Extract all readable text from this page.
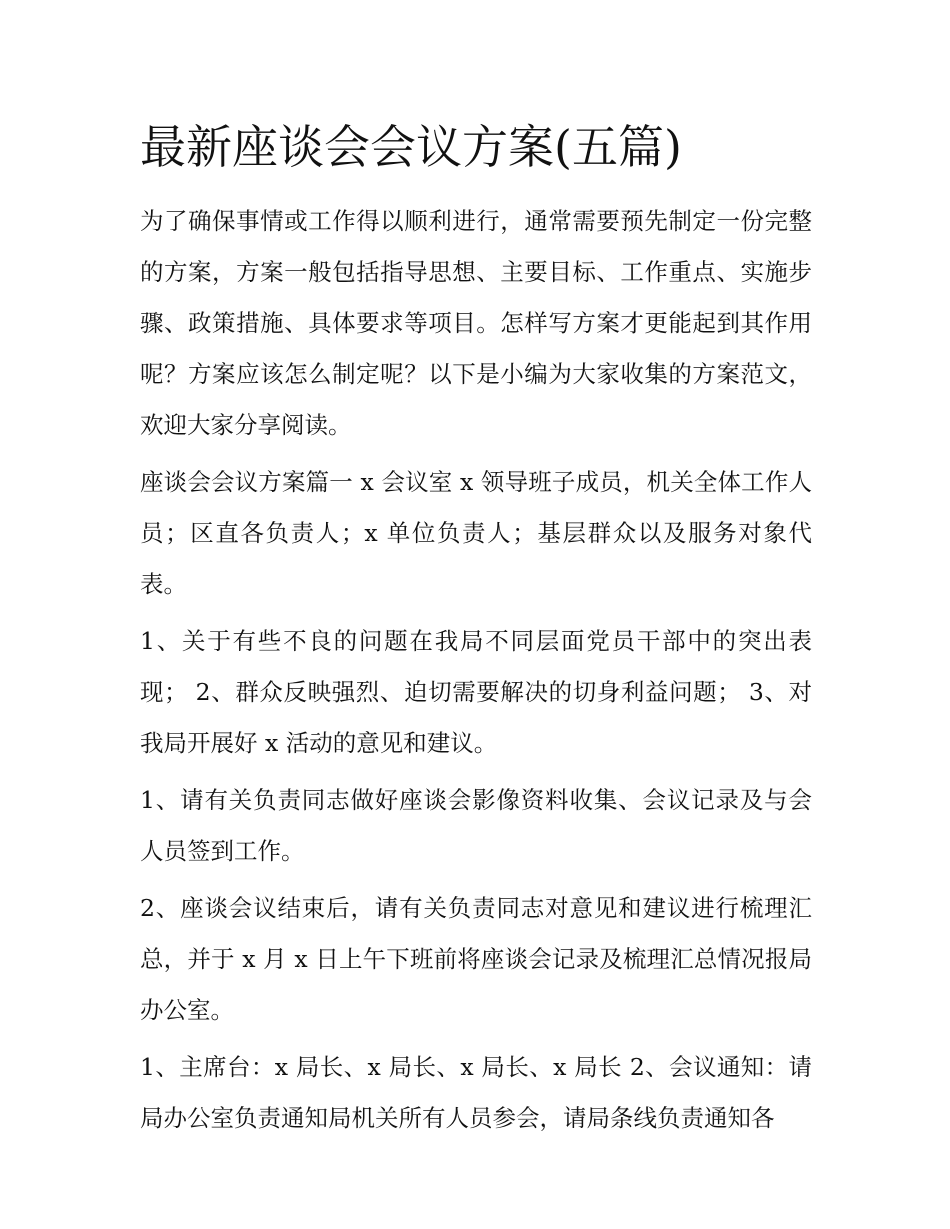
最新座谈会会议方案(五篇)

为了确保事情或工作得以顺利进行，通常需要预先制定一份完整的方案，方案一般包括指导思想、主要目标、工作重点、实施步骤、政策措施、具体要求等项目。怎样写方案才更能起到其作用呢？方案应该怎么制定呢？以下是小编为大家收集的方案范文，欢迎大家分享阅读。

座谈会会议方案篇一 x 会议室 x 领导班子成员，机关全体工作人员；区直各负责人；x 单位负责人；基层群众以及服务对象代表。

1、关于有些不良的问题在我局不同层面党员干部中的突出表现； 2、群众反映强烈、迫切需要解决的切身利益问题； 3、对我局开展好 x 活动的意见和建议。

1、请有关负责同志做好座谈会影像资料收集、会议记录及与会人员签到工作。

2、座谈会议结束后，请有关负责同志对意见和建议进行梳理汇总，并于 x 月 x 日上午下班前将座谈会记录及梳理汇总情况报局办公室。

1、主席台：x 局长、x 局长、x 局长、x 局长 2、会议通知：请局办公室负责通知局机关所有人员参会，请局条线负责通知各
